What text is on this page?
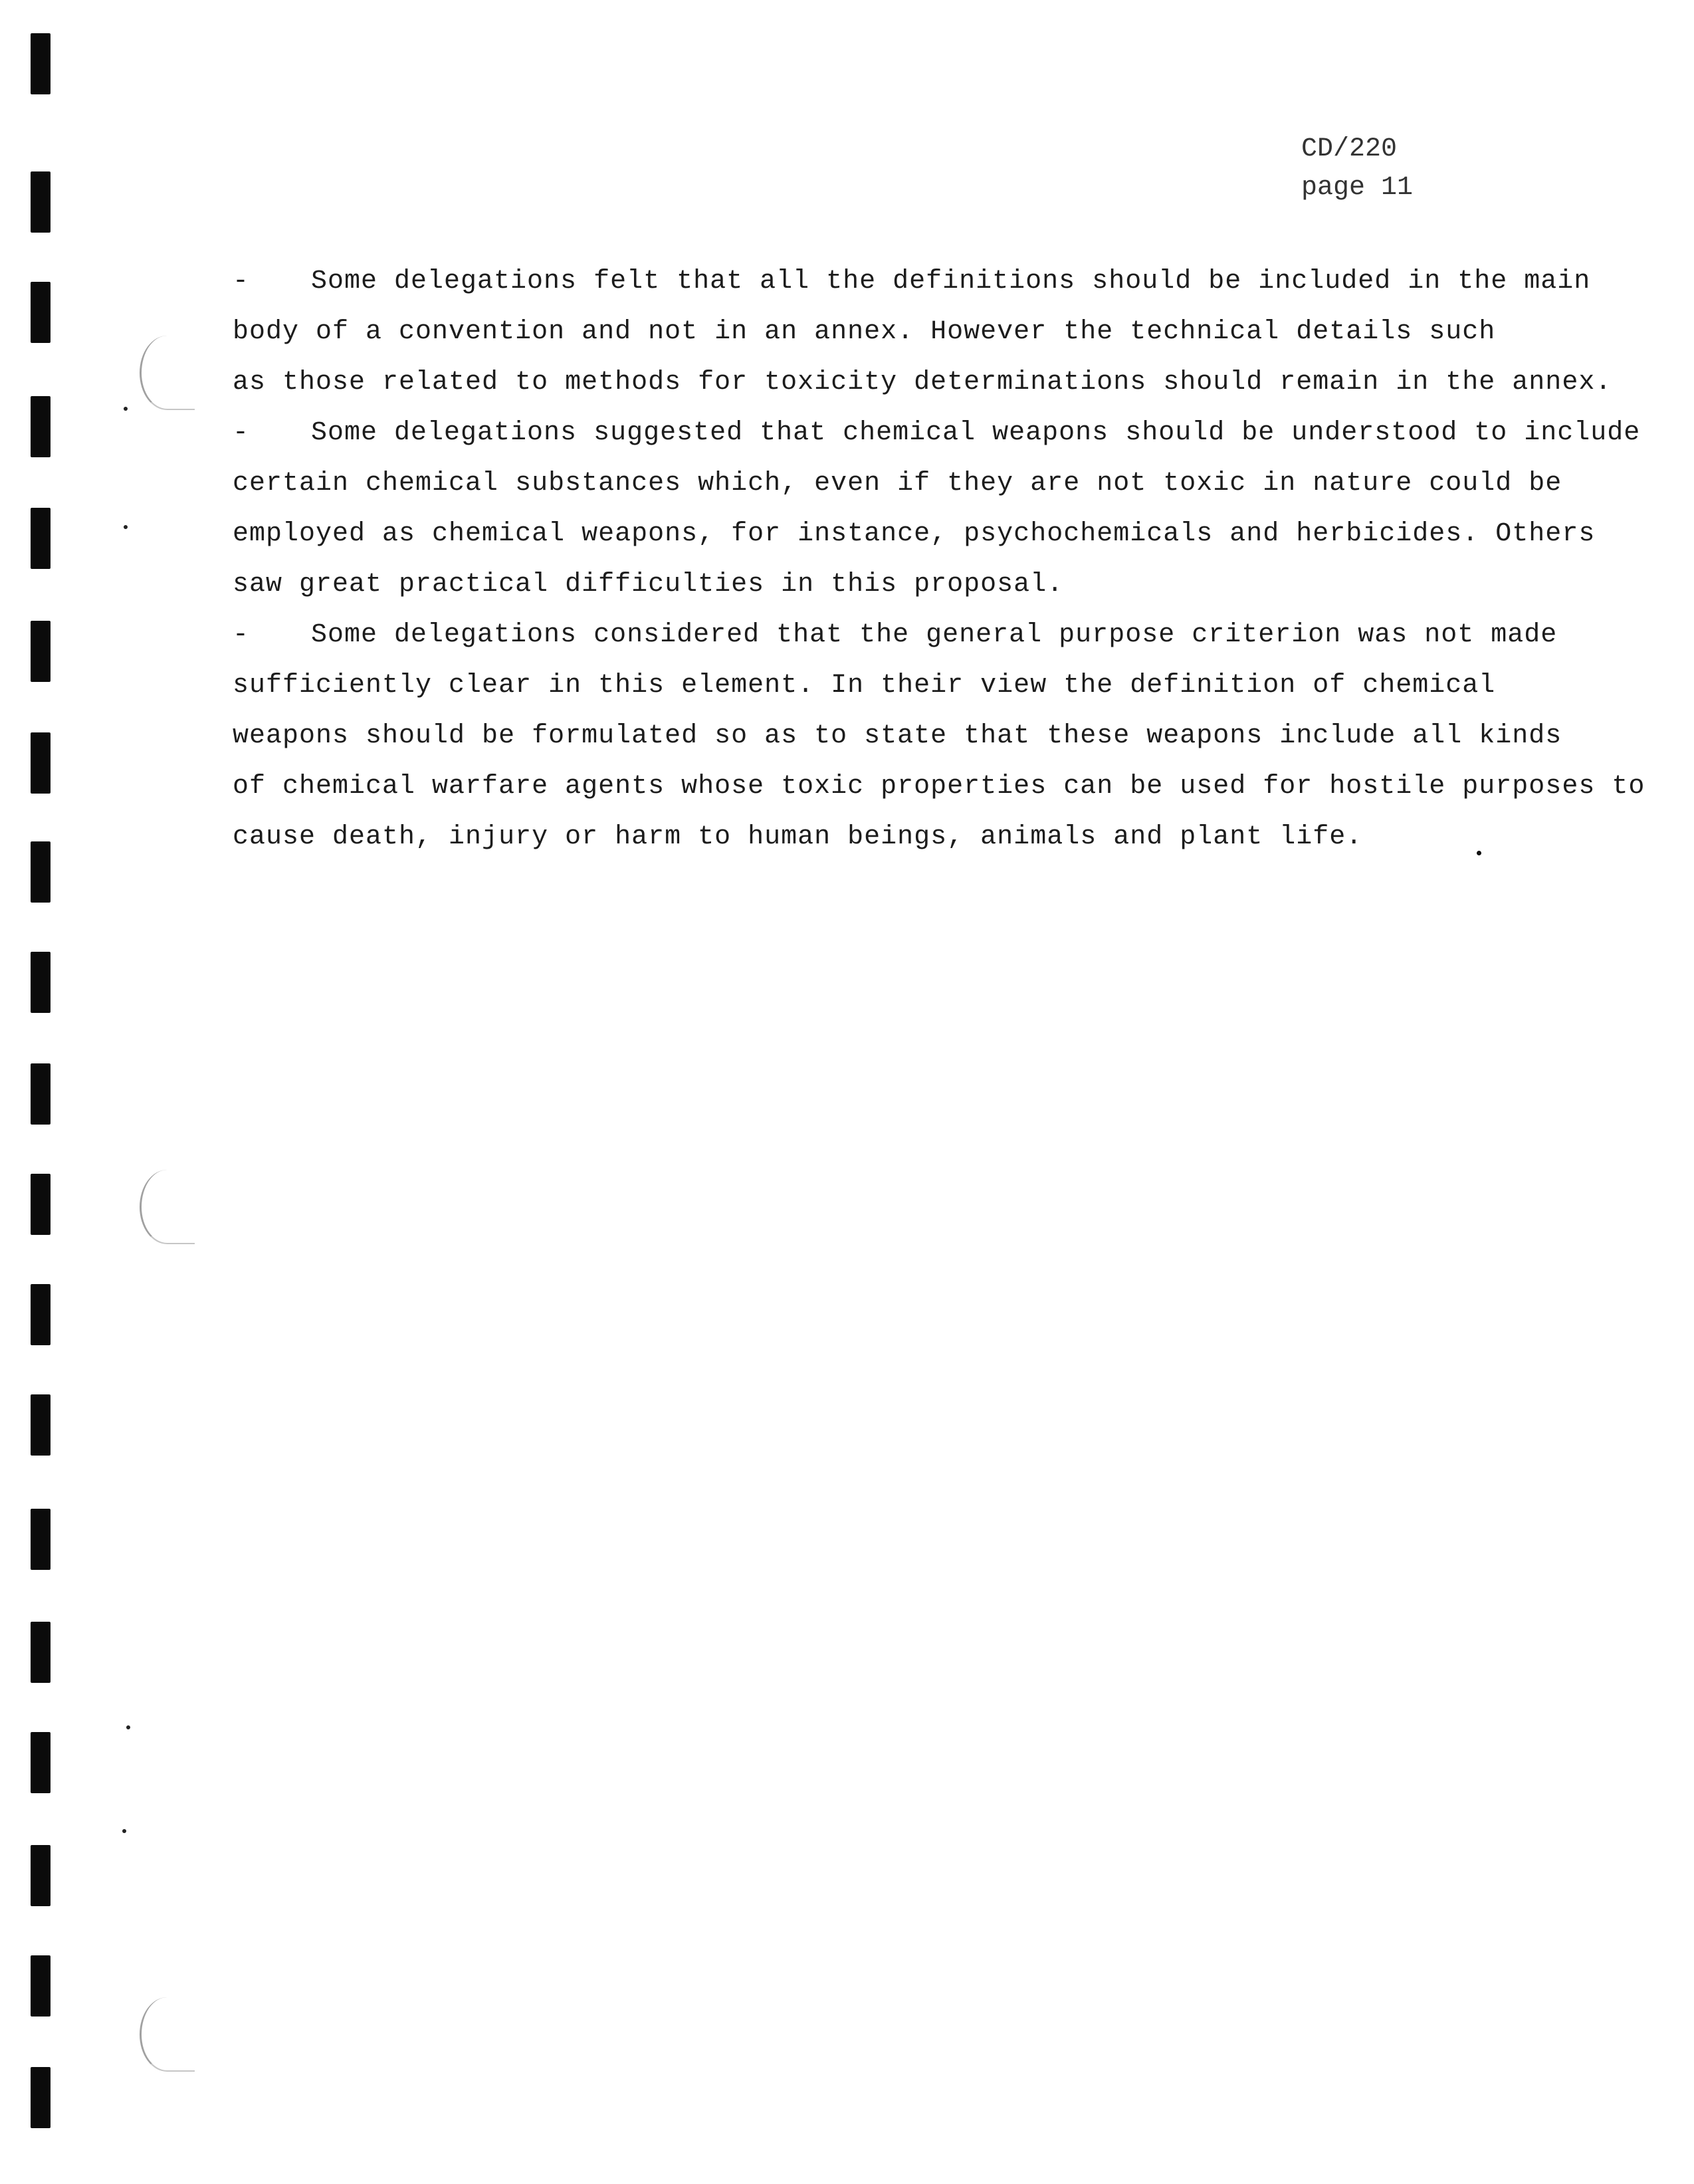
CD/220
page 11

- Some delegations felt that all the definitions should be included in the main
body of a convention and not in an annex. However the technical details such
as those related to methods for toxicity determinations should remain in the annex.

- Some delegations suggested that chemical weapons should be understood to include
certain chemical substances which, even if they are not toxic in nature could be
employed as chemical weapons, for instance, psychochemicals and herbicides. Others
saw great practical difficulties in this proposal.

- Some delegations considered that the general purpose criterion was not made
sufficiently clear in this element. In their view the definition of chemical
weapons should be formulated so as to state that these weapons include all kinds
of chemical warfare agents whose toxic properties can be used for hostile purposes to
cause death, injury or harm to human beings, animals and plant life.
